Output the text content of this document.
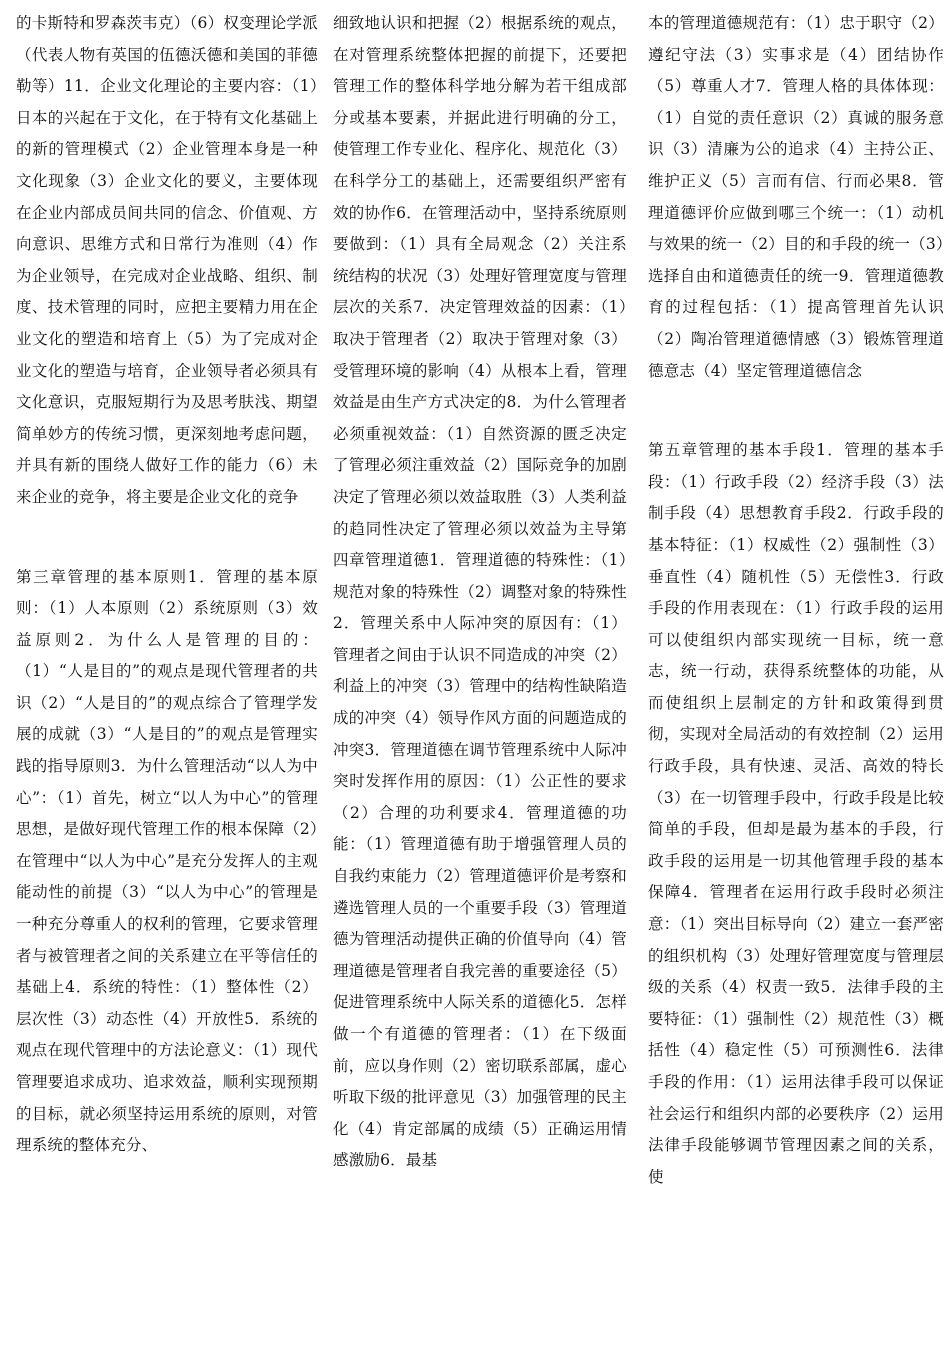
的卡斯特和罗森茨韦克）（6）权变理论学派（代表人物有英国的伍德沃德和美国的菲德勒等）11．企业文化理论的主要内容：（1）日本的兴起在于文化，在于特有文化基础上的新的管理模式（2）企业管理本身是一种文化现象（3）企业文化的要义，主要体现在企业内部成员间共同的信念、价值观、方向意识、思维方式和日常行为准则（4）作为企业领导，在完成对企业战略、组织、制度、技术管理的同时，应把主要精力用在企业文化的塑造和培育上（5）为了完成对企业文化的塑造与培育，企业领导者必须具有文化意识，克服短期行为及思考肤浅、期望简单妙方的传统习惯，更深刻地考虑问题，并具有新的围绕人做好工作的能力（6）未来企业的竞争，将主要是企业文化的竞争

第三章管理的基本原则1．管理的基本原则：（1）人本原则（2）系统原则（3）效益原则2．为什么人是管理的目的：（1）“人是目的”的观点是现代管理者的共识（2）“人是目的”的观点综合了管理学发展的成就（3）“人是目的”的观点是管理实践的指导原则3．为什么管理活动“以人为中心”：（1）首先，树立“以人为中心”的管理思想，是做好现代管理工作的根本保障（2）在管理中“以人为中心”是充分发挥人的主观能动性的前提（3）“以人为中心”的管理是一种充分尊重人的权利的管理，它要求管理者与被管理者之间的关系建立在平等信任的基础上4．系统的特性：（1）整体性（2）层次性（3）动态性（4）开放性5．系统的观点在现代管理中的方法论意义：（1）现代管理要追求成功、追求效益，顺利实现预期的目标，就必须坚持运用系统的原则，对管理系统的整体充分、

细致地认识和把握（2）根据系统的观点，在对管理系统整体把握的前提下，还要把管理工作的整体科学地分解为若干组成部分或基本要素，并据此进行明确的分工，使管理工作专业化、程序化、规范化（3）在科学分工的基础上，还需要组织严密有效的协作6．在管理活动中，坚持系统原则要做到：（1）具有全局观念（2）关注系统结构的状况（3）处理好管理宽度与管理层次的关系7．决定管理效益的因素：（1）取决于管理者（2）取决于管理对象（3）受管理环境的影响（4）从根本上看，管理效益是由生产方式决定的8．为什么管理者必须重视效益：（1）自然资源的匮乏决定了管理必须注重效益（2）国际竞争的加剧决定了管理必须以效益取胜（3）人类利益的趋同性决定了管理必须以效益为主导第四章管理道德1．管理道德的特殊性：（1）规范对象的特殊性（2）调整对象的特殊性2．管理关系中人际冲突的原因有：（1）管理者之间由于认识不同造成的冲突（2）利益上的冲突（3）管理中的结构性缺陷造成的冲突（4）领导作风方面的问题造成的冲突3．管理道德在调节管理系统中人际冲突时发挥作用的原因：（1）公正性的要求（2）合理的功利要求4．管理道德的功能：（1）管理道德有助于增强管理人员的自我约束能力（2）管理道德评价是考察和遴选管理人员的一个重要手段（3）管理道德为管理活动提供正确的价值导向（4）管理道德是管理者自我完善的重要途径（5）促进管理系统中人际关系的道德化5．怎样做一个有道德的管理者：（1）在下级面前，应以身作则（2）密切联系部属，虚心听取下级的批评意见（3）加强管理的民主化（4）肯定部属的成绩（5）正确运用情感激励6．最基

本的管理道德规范有：（1）忠于职守（2）遵纪守法（3）实事求是（4）团结协作（5）尊重人才7．管理人格的具体体现：（1）自觉的责任意识（2）真诚的服务意识（3）清廉为公的追求（4）主持公正、维护正义（5）言而有信、行而必果8．管理道德评价应做到哪三个统一：（1）动机与效果的统一（2）目的和手段的统一（3）选择自由和道德责任的统一9．管理道德教育的过程包括：（1）提高管理首先认识（2）陶冶管理道德情感（3）锻炼管理道德意志（4）坚定管理道德信念

第五章管理的基本手段1．管理的基本手段：（1）行政手段（2）经济手段（3）法制手段（4）思想教育手段2．行政手段的基本特征：（1）权威性（2）强制性（3）垂直性（4）随机性（5）无偿性3．行政手段的作用表现在：（1）行政手段的运用可以使组织内部实现统一目标，统一意志，统一行动，获得系统整体的功能，从而使组织上层制定的方针和政策得到贯彻，实现对全局活动的有效控制（2）运用行政手段，具有快速、灵活、高效的特长（3）在一切管理手段中，行政手段是比较简单的手段，但却是最为基本的手段，行政手段的运用是一切其他管理手段的基本保障4．管理者在运用行政手段时必须注意：（1）突出目标导向（2）建立一套严密的组织机构（3）处理好管理宽度与管理层级的关系（4）权责一致5．法律手段的主要特征：（1）强制性（2）规范性（3）概括性（4）稳定性（5）可预测性6．法律手段的作用：（1）运用法律手段可以保证社会运行和组织内部的必要秩序（2）运用法律手段能够调节管理因素之间的关系，使
